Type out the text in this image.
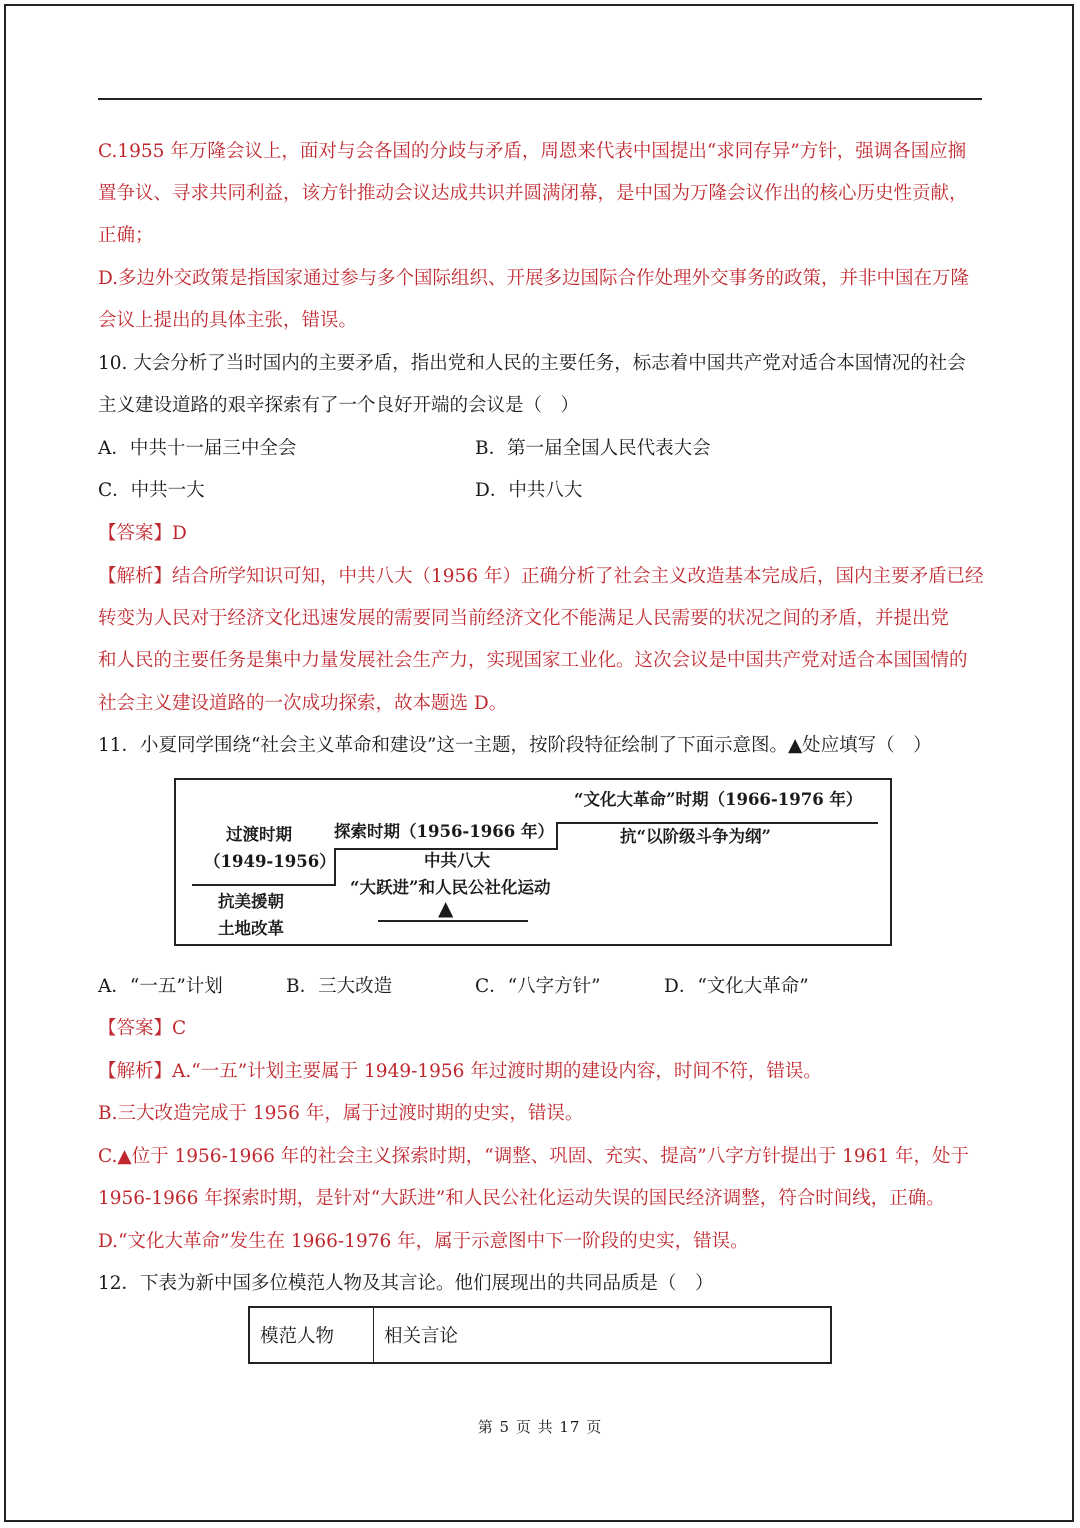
C.1955 年万隆会议上，面对与会各国的分歧与矛盾，周恩来代表中国提出“求同存异”方针，强调各国应搁
置争议、寻求共同利益，该方针推动会议达成共识并圆满闭幕，是中国为万隆会议作出的核心历史性贡献，
正确；
D.多边外交政策是指国家通过参与多个国际组织、开展多边国际合作处理外交事务的政策，并非中国在万隆
会议上提出的具体主张，错误。
10. 大会分析了当时国内的主要矛盾，指出党和人民的主要任务，标志着中国共产党对适合本国情况的社会
主义建设道路的艰辛探索有了一个良好开端的会议是（　）
A．中共十一届三中全会	B．第一届全国人民代表大会
C．中共一大	D．中共八大
【答案】D
【解析】结合所学知识可知，中共八大（1956 年）正确分析了社会主义改造基本完成后，国内主要矛盾已经
转变为人民对于经济文化迅速发展的需要同当前经济文化不能满足人民需要的状况之间的矛盾，并提出党
和人民的主要任务是集中力量发展社会生产力，实现国家工业化。这次会议是中国共产党对适合本国国情的
社会主义建设道路的一次成功探索，故本题选 D。
11．小夏同学围绕“社会主义革命和建设”这一主题，按阶段特征绘制了下面示意图。▲处应填写（　）
“文化大革命”时期（1966-1976 年）
抗“以阶级斗争为纲”
探索时期（1956-1966 年）
中共八大
“大跃进”和人民公社化运动
▲
过渡时期
（1949-1956）
抗美援朝
土地改革
A．“一五”计划	B．三大改造	C．“八字方针”	D．“文化大革命”
【答案】C
【解析】A.“一五”计划主要属于 1949-1956 年过渡时期的建设内容，时间不符，错误。
B.三大改造完成于 1956 年，属于过渡时期的史实，错误。
C.▲位于 1956-1966 年的社会主义探索时期，“调整、巩固、充实、提高”八字方针提出于 1961 年，处于
1956-1966 年探索时期，是针对“大跃进”和人民公社化运动失误的国民经济调整，符合时间线，正确。
D.“文化大革命”发生在 1966-1976 年，属于示意图中下一阶段的史实，错误。
12．下表为新中国多位模范人物及其言论。他们展现出的共同品质是（　）
模范人物	相关言论
第 5 页 共 17 页
